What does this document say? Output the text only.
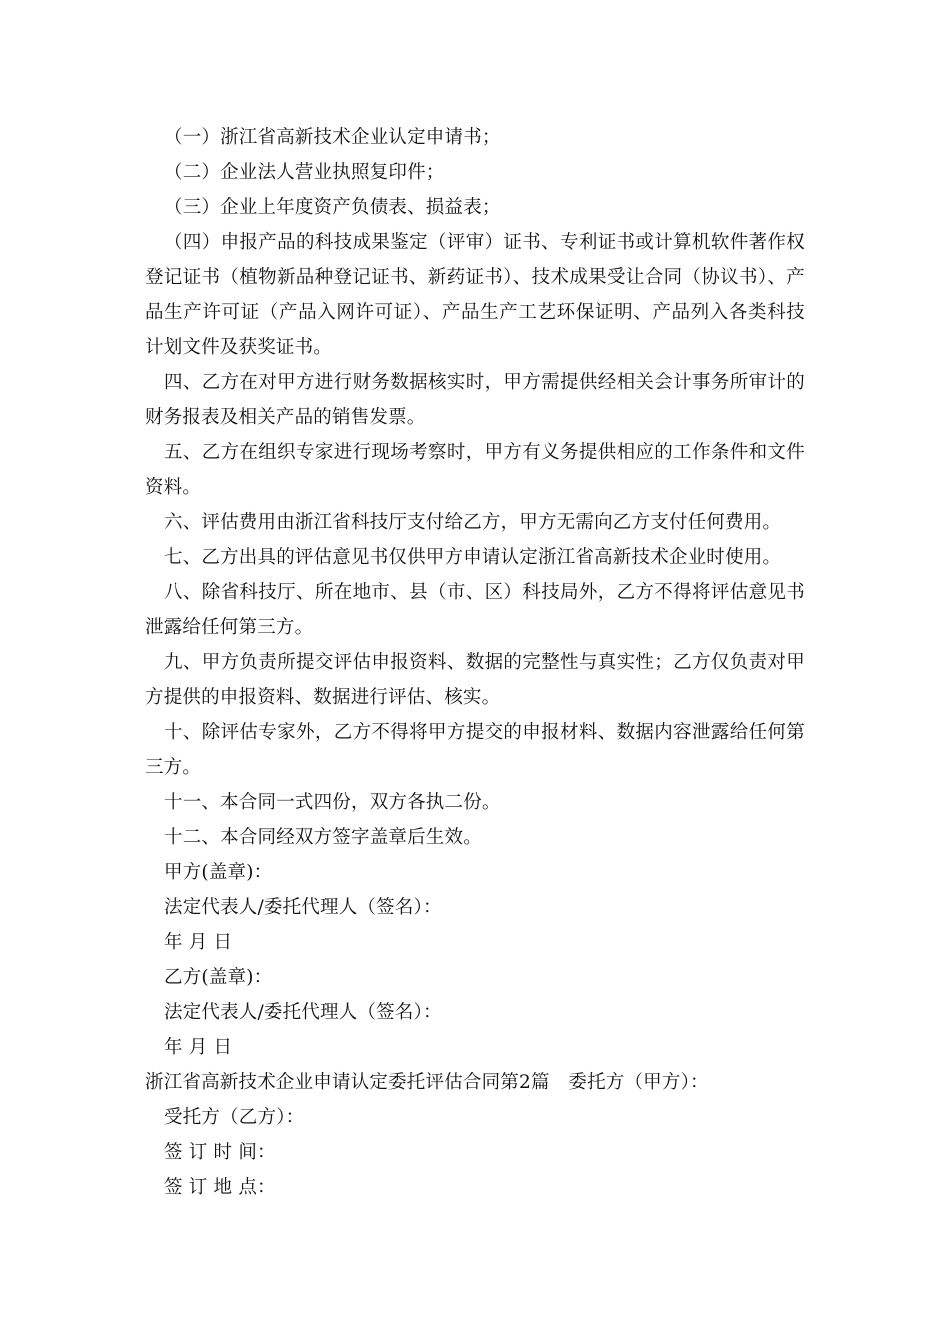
（一）浙江省高新技术企业认定申请书；

（二）企业法人营业执照复印件；

（三）企业上年度资产负债表、损益表；

（四）申报产品的科技成果鉴定（评审）证书、专利证书或计算机软件著作权登记证书（植物新品种登记证书、新药证书）、技术成果受让合同（协议书）、产品生产许可证（产品入网许可证）、产品生产工艺环保证明、产品列入各类科技计划文件及获奖证书。

四、乙方在对甲方进行财务数据核实时，甲方需提供经相关会计事务所审计的财务报表及相关产品的销售发票。

五、乙方在组织专家进行现场考察时，甲方有义务提供相应的工作条件和文件资料。

六、评估费用由浙江省科技厅支付给乙方，甲方无需向乙方支付任何费用。

七、乙方出具的评估意见书仅供甲方申请认定浙江省高新技术企业时使用。

八、除省科技厅、所在地市、县（市、区）科技局外，乙方不得将评估意见书泄露给任何第三方。

九、甲方负责所提交评估申报资料、数据的完整性与真实性；乙方仅负责对甲方提供的申报资料、数据进行评估、核实。

十、除评估专家外，乙方不得将甲方提交的申报材料、数据内容泄露给任何第三方。

十一、本合同一式四份，双方各执二份。

十二、本合同经双方签字盖章后生效。

甲方(盖章)：

法定代表人/委托代理人（签名）：

年 月 日

乙方(盖章)：

法定代表人/委托代理人（签名）：

年 月 日

浙江省高新技术企业申请认定委托评估合同第2篇　委托方（甲方）：

受托方（乙方）：

签 订 时 间：

签 订 地 点：
